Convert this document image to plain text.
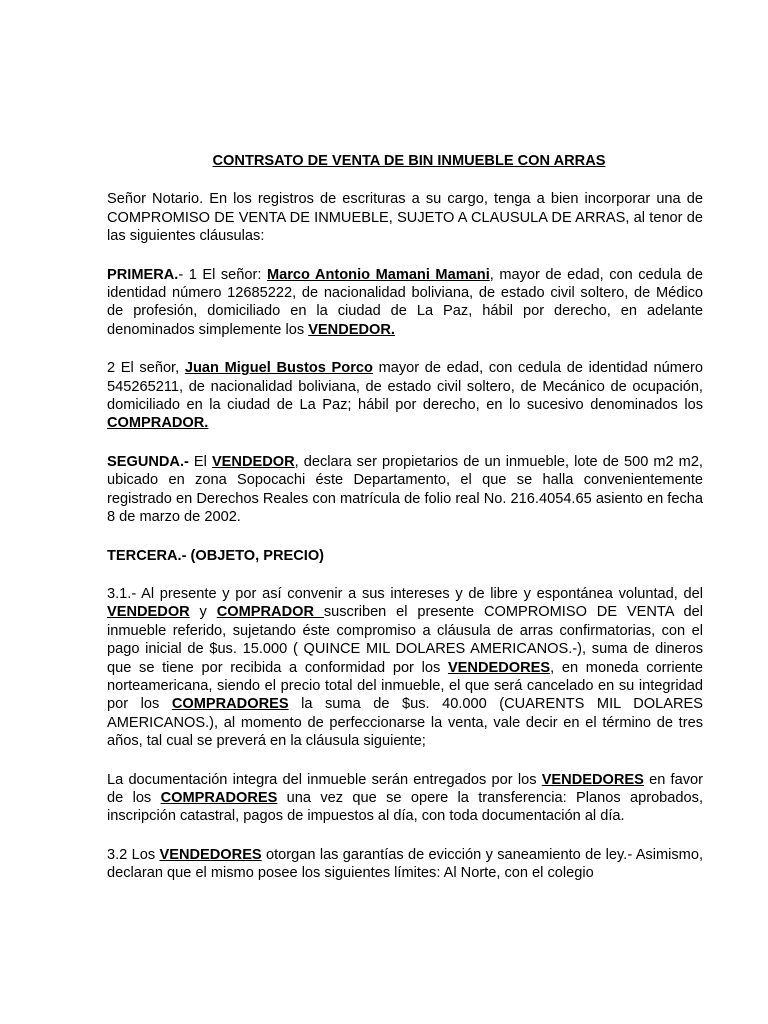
CONTRSATO DE VENTA DE BIN INMUEBLE CON ARRAS

Señor Notario. En los registros de escrituras a su cargo, tenga a bien incorporar una de COMPROMISO DE VENTA DE INMUEBLE, SUJETO A CLAUSULA DE ARRAS, al tenor de las siguientes cláusulas:

PRIMERA.- 1 El señor: Marco Antonio Mamani Mamani, mayor de edad, con cedula de identidad número 12685222, de nacionalidad boliviana, de estado civil soltero, de Médico de profesión, domiciliado en la ciudad de La Paz, hábil por derecho, en adelante denominados simplemente los VENDEDOR.

2 El señor, Juan Miguel Bustos Porco mayor de edad, con cedula de identidad número 545265211, de nacionalidad boliviana, de estado civil soltero, de Mecánico de ocupación, domiciliado en la ciudad de La Paz; hábil por derecho, en lo sucesivo denominados los COMPRADOR.

SEGUNDA.- El VENDEDOR, declara ser propietarios de un inmueble, lote de 500 m2 m2, ubicado en zona Sopocachi éste Departamento, el que se halla convenientemente registrado en Derechos Reales con matrícula de folio real No. 216.4054.65 asiento en fecha 8 de marzo de 2002.

TERCERA.- (OBJETO, PRECIO)

3.1.- Al presente y por así convenir a sus intereses y de libre y espontánea voluntad, del VENDEDOR y COMPRADOR suscriben el presente COMPROMISO DE VENTA del inmueble referido, sujetando éste compromiso a cláusula de arras confirmatorias, con el pago inicial de $us. 15.000 ( QUINCE MIL DOLARES AMERICANOS.-), suma de dineros que se tiene por recibida a conformidad por los VENDEDORES, en moneda corriente norteamericana, siendo el precio total del inmueble, el que será cancelado en su integridad por los COMPRADORES la suma de $us. 40.000 (CUARENTS MIL DOLARES AMERICANOS.), al momento de perfeccionarse la venta, vale decir en el término de tres años, tal cual se preverá en la cláusula siguiente;

La documentación integra del inmueble serán entregados por los VENDEDORES en favor de los COMPRADORES una vez que se opere la transferencia: Planos aprobados, inscripción catastral, pagos de impuestos al día, con toda documentación al día.

3.2 Los VENDEDORES otorgan las garantías de evicción y saneamiento de ley.- Asimismo, declaran que el mismo posee los siguientes límites: Al Norte, con el colegio
